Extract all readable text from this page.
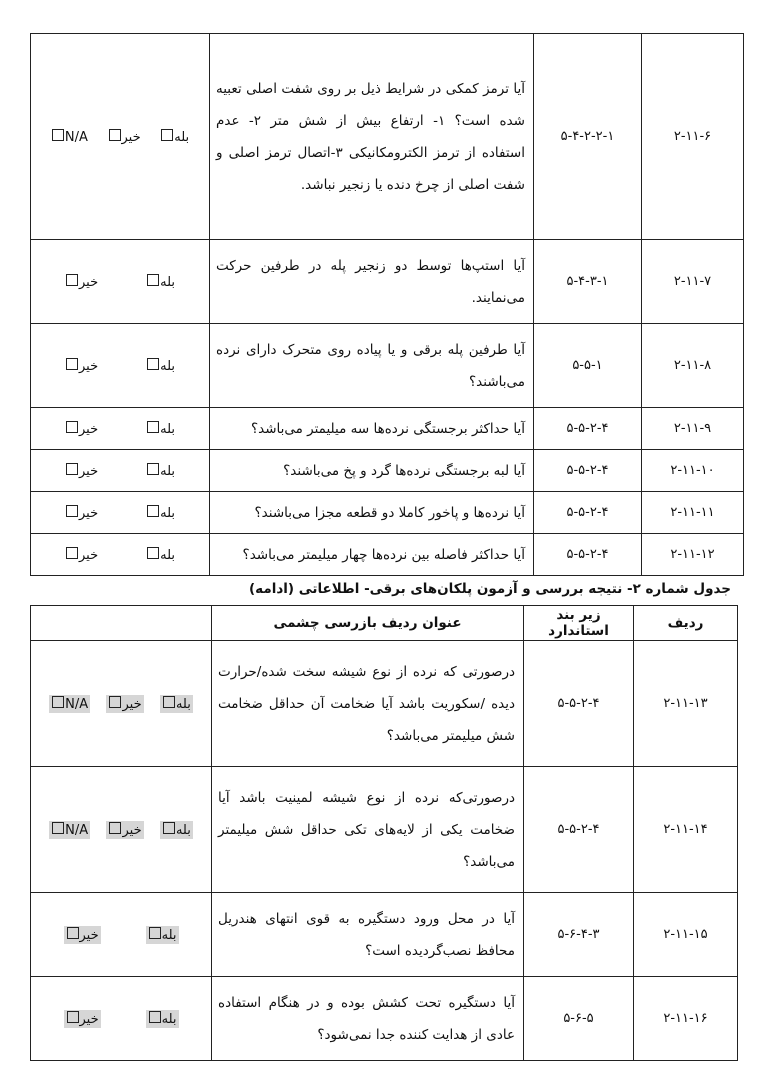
بله
خیر
N/A	آیا ترمز کمکی در شرایط ذیل بر روی شفت اصلی تعبیه شده است؟ ۱- ارتفاع بیش از شش متر ۲- عدم استفاده از ترمز الکترومکانیکی ۳-اتصال ترمز اصلی و شفت اصلی از چرخ دنده یا زنجیر نباشد.	۵-۴-۲-۲-۱	۲-۱۱-۶

بله
خیر	آیا استپ‌ها توسط دو زنجیر پله در طرفین حرکت می‌نمایند.	۵-۴-۳-۱	۲-۱۱-۷

بله
خیر	آیا طرفین پله برقی و یا پیاده روی متحرک دارای نرده می‌باشند؟	۵-۵-۱	۲-۱۱-۸

بله
خیر	آیا حداکثر برجستگی نرده‌ها سه میلیمتر می‌باشد؟	۵-۵-۲-۴	۲-۱۱-۹

بله
خیر	آیا لبه برجستگی نرده‌ها گرد و پخ می‌باشند؟	۵-۵-۲-۴	۲-۱۱-۱۰

بله
خیر	آیا نرده‌ها و پاخور کاملا دو قطعه مجزا می‌باشند؟	۵-۵-۲-۴	۲-۱۱-۱۱

بله
خیر	آیا حداکثر فاصله بین نرده‌ها چهار میلیمتر می‌باشد؟	۵-۵-۲-۴	۲-۱۱-۱۲
جدول شماره ۲- نتیجه بررسی و آزمون پلکان‌های برقی- اطلاعاتی (ادامه)
	عنوان ردیف بازرسی چشمی	زیر بند استاندارد	ردیف

بله
خیر
N/A	درصورتی که نرده از نوع شیشه سخت شده/حرارت دیده /سکوریت باشد آیا ضخامت آن حداقل ضخامت شش میلیمتر می‌باشد؟	۵-۵-۲-۴	۲-۱۱-۱۳

بله
خیر
N/A	درصورتی‌که نرده از نوع شیشه لمینیت باشد آیا ضخامت یکی از لایه‌های تکی حداقل شش میلیمتر می‌باشد؟	۵-۵-۲-۴	۲-۱۱-۱۴

بله
خیر	آیا در محل ورود دستگیره به قوی انتهای هندریل محافظ نصب‌گردیده است؟	۵-۶-۴-۳	۲-۱۱-۱۵

بله
خیر	آیا دستگیره تحت کشش بوده و در هنگام استفاده عادی از هدایت کننده جدا نمی‌شود؟	۵-۶-۵	۲-۱۱-۱۶
